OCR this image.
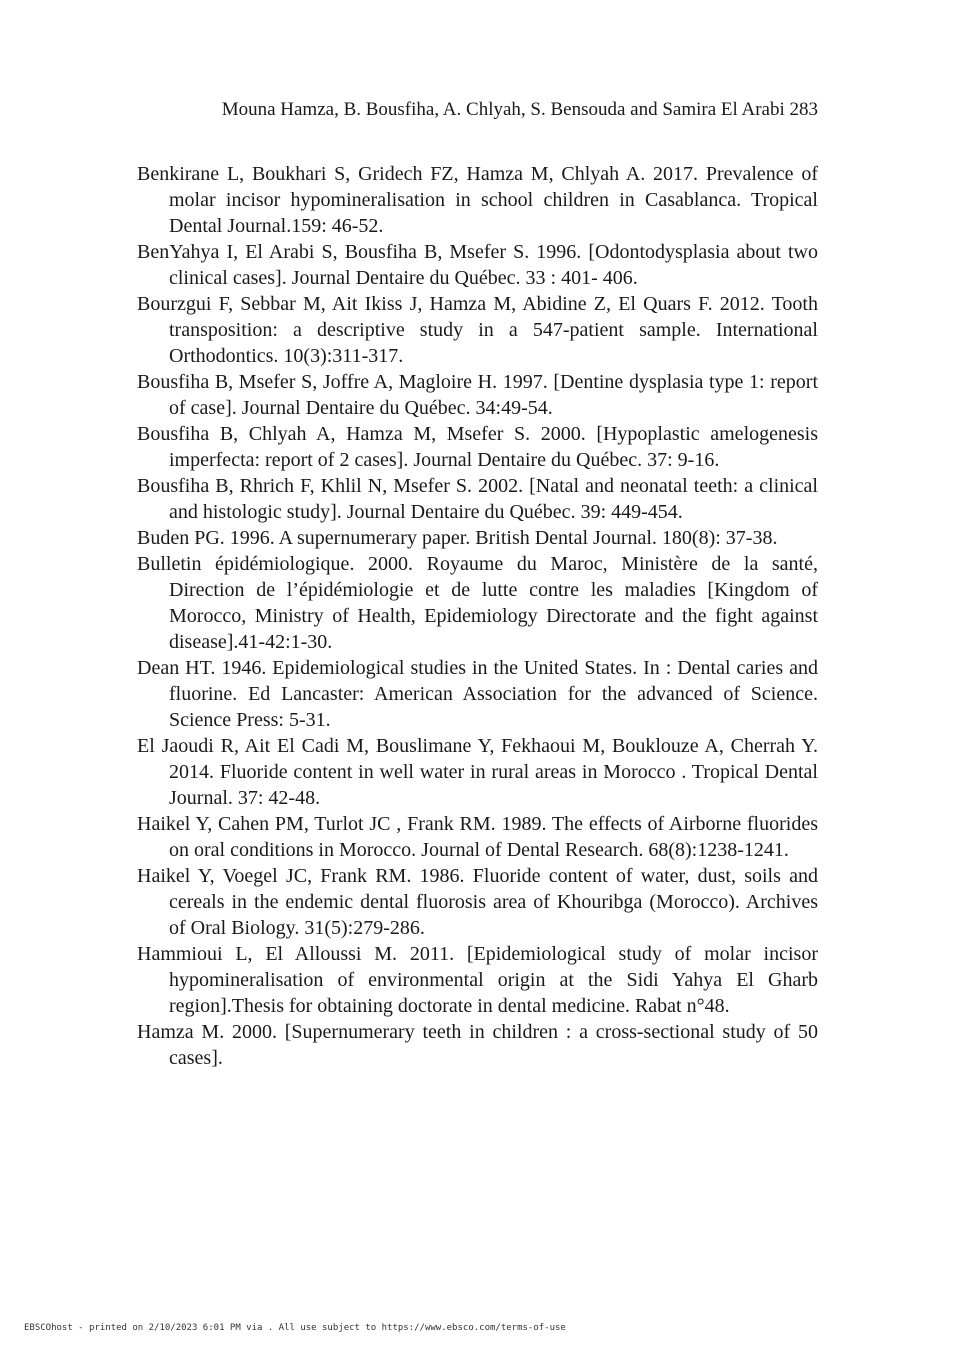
Mouna Hamza, B. Bousfiha, A. Chlyah, S. Bensouda and Samira El Arabi 283
Benkirane L, Boukhari S, Gridech FZ, Hamza M, Chlyah A. 2017. Prevalence of molar incisor hypomineralisation in school children in Casablanca. Tropical Dental Journal.159: 46-52.
BenYahya I, El Arabi S, Bousfiha B, Msefer S. 1996. [Odontodysplasia about two clinical cases]. Journal Dentaire du Québec. 33 : 401- 406.
Bourzgui F, Sebbar M, Ait Ikiss J, Hamza M, Abidine Z, El Quars F. 2012. Tooth transposition: a descriptive study in a 547-patient sample. International Orthodontics. 10(3):311-317.
Bousfiha B, Msefer S, Joffre A, Magloire H. 1997. [Dentine dysplasia type 1: report of case]. Journal Dentaire du Québec. 34:49-54.
Bousfiha B, Chlyah A, Hamza M, Msefer S. 2000. [Hypoplastic amelogenesis imperfecta: report of 2 cases]. Journal Dentaire du Québec. 37: 9-16.
Bousfiha B, Rhrich F, Khlil N, Msefer S. 2002. [Natal and neonatal teeth: a clinical and histologic study]. Journal Dentaire du Québec. 39: 449-454.
Buden PG. 1996. A supernumerary paper. British Dental Journal. 180(8): 37-38.
Bulletin épidémiologique. 2000. Royaume du Maroc, Ministère de la santé, Direction de l’épidémiologie et de lutte contre les maladies [Kingdom of Morocco, Ministry of Health, Epidemiology Directorate and the fight against disease].41-42:1-30.
Dean HT. 1946. Epidemiological studies in the United States. In : Dental caries and fluorine. Ed Lancaster: American Association for the advanced of Science. Science Press: 5-31.
El Jaoudi R, Ait El Cadi M, Bouslimane Y, Fekhaoui M, Bouklouze A, Cherrah Y. 2014. Fluoride content in well water in rural areas in Morocco . Tropical Dental Journal. 37: 42-48.
Haikel Y, Cahen PM, Turlot JC , Frank RM. 1989. The effects of Airborne fluorides on oral conditions in Morocco. Journal of Dental Research. 68(8):1238-1241.
Haikel Y, Voegel JC, Frank RM. 1986. Fluoride content of water, dust, soils and cereals in the endemic dental fluorosis area of Khouribga (Morocco). Archives of Oral Biology. 31(5):279-286.
Hammioui L, El Alloussi M. 2011. [Epidemiological study of molar incisor hypomineralisation of environmental origin at the Sidi Yahya El Gharb region].Thesis for obtaining doctorate in dental medicine. Rabat n°48.
Hamza M. 2000. [Supernumerary teeth in children : a cross-sectional study of 50 cases].
EBSCOhost - printed on 2/10/2023 6:01 PM via . All use subject to https://www.ebsco.com/terms-of-use
